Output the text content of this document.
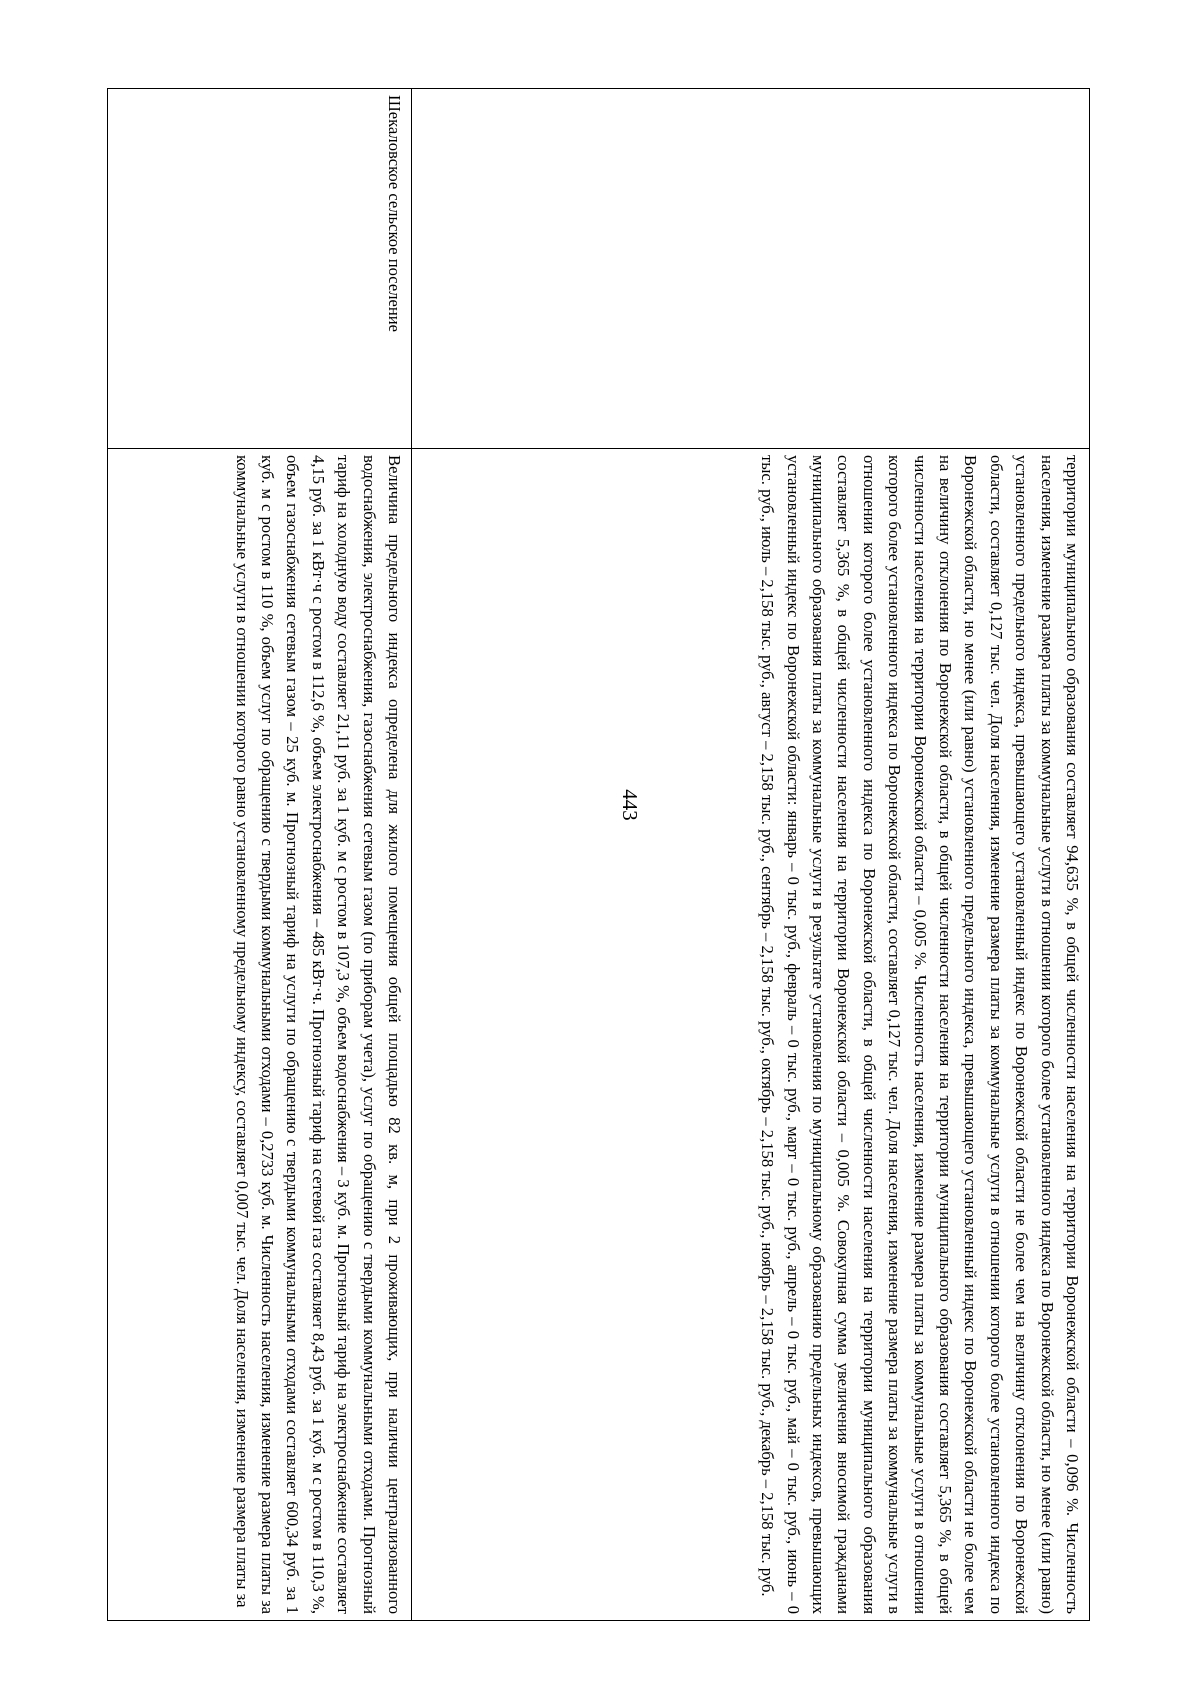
443
		территории муниципального образования составляет 94,635 %, в общей численности населения на территории Воронежской области – 0,096 %. Численность населения, изменение размера платы за коммунальные услуги в отношении которого более установленного индекса по Воронежской области, но менее (или равно) установленного предельного индекса, превышающего установленный индекс по Воронежской области не более чем на величину отклонения по Воронежской области, составляет 0,127 тыс. чел. Доля населения, изменение размера платы за коммунальные услуги в отношении которого более установленного индекса по Воронежской области, но менее (или равно) установленного предельного индекса, превышающего установленный индекс по Воронежской области не более чем на величину отклонения по Воронежской области, в общей численности населения на территории муниципального образования составляет 5,365 %, в общей численности населения на территории Воронежской области – 0,005 %. Численность населения, изменение размера платы за коммунальные услуги в отношении которого более установленного индекса по Воронежской области, составляет 0,127 тыс. чел. Доля населения, изменение размера платы за коммунальные услуги в отношении которого более установленного индекса по Воронежской области, в общей численности населения на территории муниципального образования составляет 5,365 %, в общей численности населения на территории Воронежской области – 0,005 %. Совокупная сумма увеличения вносимой гражданами муниципального образования платы за коммунальные услуги в результате установления по муниципальному образованию предельных индексов, превышающих установленный индекс по Воронежской области: январь – 0 тыс. руб., февраль – 0 тыс. руб., март – 0 тыс. руб., апрель – 0 тыс. руб., май – 0 тыс. руб., июнь – 0 тыс. руб., июль – 2,158 тыс. руб., август – 2,158 тыс. руб., сентябрь – 2,158 тыс. руб., октябрь – 2,158 тыс. руб., ноябрь – 2,158 тыс. руб., декабрь – 2,158 тыс. руб.
Шекаловское сельское поселение	Величина предельного индекса определена для жилого помещения общей площадью 82 кв. м, при 2 проживающих, при наличии централизованного водоснабжения, электроснабжения, газоснабжения сетевым газом (по приборам учета), услуг по обращению с твердыми коммунальными отходами. Прогнозный тариф на холодную воду составляет 21,11 руб. за 1 куб. м с ростом в 107,3 %, объем водоснабжения – 3 куб. м. Прогнозный тариф на электроснабжение составляет 4,15 руб. за 1 кВт·ч с ростом в 112,6 %, объем электроснабжения – 485 кВт·ч. Прогнозный тариф на сетевой газ составляет 8,43 руб. за 1 куб. м с ростом в 110,3 %, объем газоснабжения сетевым газом – 25 куб. м. Прогнозный тариф на услуги по обращению с твердыми коммунальными отходами составляет 600,34 руб. за 1 куб. м с ростом в 110 %, объем услуг по обращению с твердыми коммунальными отходами – 0,2733 куб. м. Численность населения, изменение размера платы за коммунальные услуги в отношении которого равно установленному предельному индексу, составляет 0,007 тыс. чел. Доля населения, изменение размера платы за
